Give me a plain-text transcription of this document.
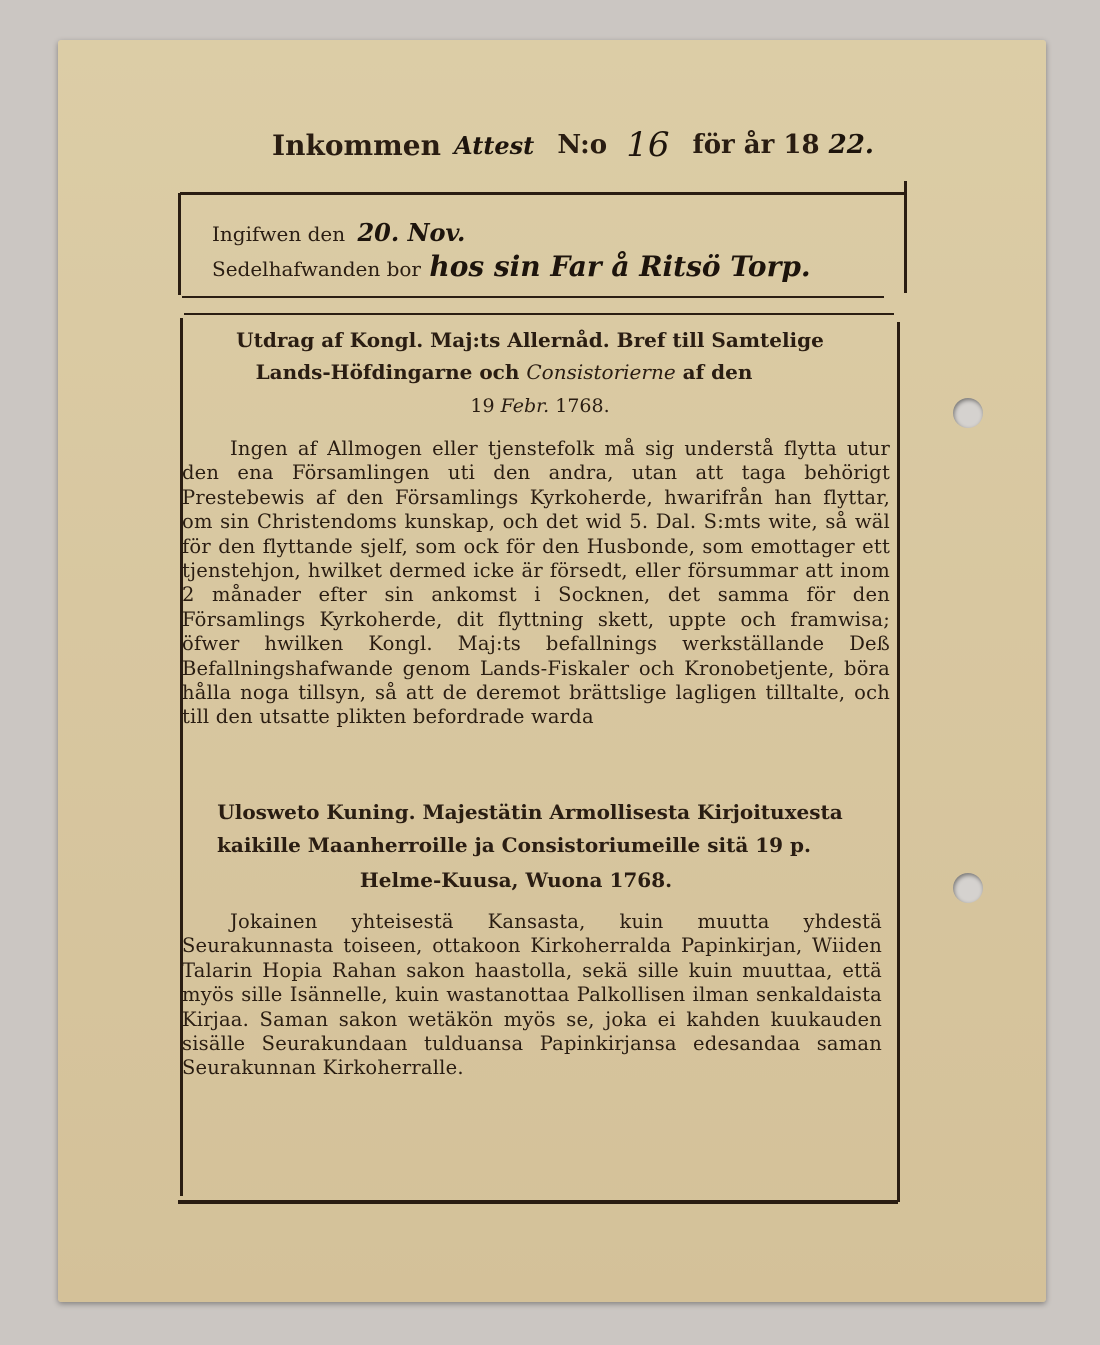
Inkommen Attest N:o 16 för år 18 22.
Ingifwen den 20. Nov.
Sedelhafwanden bor hos sin Far å Ritsö Torp.
Utdrag af Kongl. Maj:ts Allernåd. Bref till Samtelige
Lands-Höfdingarne och Consistorierne af den
19 Febr. 1768.
Ingen af Allmogen eller tjenstefolk må sig understå flytta utur den ena Församlingen uti den andra, utan att taga behörigt Prestebewis af den Församlings Kyrkoherde, hwarifrån han flyttar, om sin Christendoms kunskap, och det wid 5. Dal. S:mts wite, så wäl för den flyttande sjelf, som ock för den Husbonde, som emottager ett tjenstehjon, hwilket dermed icke är försedt, eller försummar att inom 2 månader efter sin ankomst i Socknen, det samma för den Församlings Kyrkoherde, dit flyttning skett, uppte och framwisa; öfwer hwilken Kongl. Maj:ts befallnings werkställande Deß Befallningshafwande genom Lands-Fiskaler och Kronobetjente, böra hålla noga tillsyn, så att de deremot brättslige lagligen tilltalte, och till den utsatte plikten befordrade warda
Ulosweto Kuning. Majestätin Armollisesta Kirjoituxesta
kaikille Maanherroille ja Consistoriumeille sitä 19 p.
Helme-Kuusa, Wuona 1768.
Jokainen yhteisestä Kansasta, kuin muutta yhdestä Seurakunnasta toiseen, ottakoon Kirkoherralda Papinkirjan, Wiiden Talarin Hopia Rahan sakon haastolla, sekä sille kuin muuttaa, että myös sille Isännelle, kuin wastanottaa Palkollisen ilman senkaldaista Kirjaa. Saman sakon wetäkön myös se, joka ei kahden kuukauden sisälle Seurakundaan tulduansa Papinkirjansa edesandaa saman Seurakunnan Kirkoherralle.
